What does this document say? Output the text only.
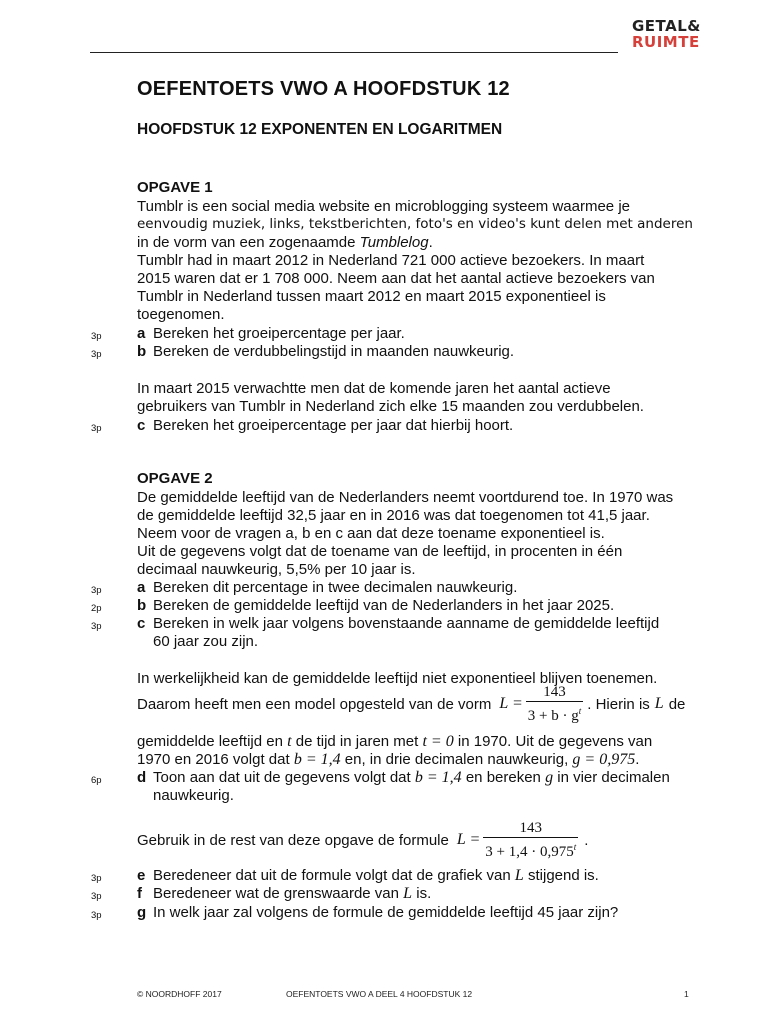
GETAL&
RUIMTE
OEFENTOETS VWO A HOOFDSTUK 12
HOOFDSTUK 12 EXPONENTEN EN LOGARITMEN
OPGAVE 1
Tumblr is een social media website en microblogging systeem waarmee je
eenvoudig muziek, links, tekstberichten, foto's en video's kunt delen met anderen
in de vorm van een zogenaamde Tumblelog.
Tumblr had in maart 2012 in Nederland 721 000 actieve bezoekers. In maart
2015 waren dat er 1 708 000. Neem aan dat het aantal actieve bezoekers van
Tumblr in Nederland tussen maart 2012 en maart 2015 exponentieel is
toegenomen.
3p a Bereken het groeipercentage per jaar.
3p b Bereken de verdubbelingstijd in maanden nauwkeurig.
In maart 2015 verwachtte men dat de komende jaren het aantal actieve
gebruikers van Tumblr in Nederland zich elke 15 maanden zou verdubbelen.
3p c Bereken het groeipercentage per jaar dat hierbij hoort.
OPGAVE 2
De gemiddelde leeftijd van de Nederlanders neemt voortdurend toe. In 1970 was
de gemiddelde leeftijd 32,5 jaar en in 2016 was dat toegenomen tot 41,5 jaar.
Neem voor de vragen a, b en c aan dat deze toename exponentieel is.
Uit de gegevens volgt dat de toename van de leeftijd, in procenten in één
decimaal nauwkeurig, 5,5% per 10 jaar is.
3p a Bereken dit percentage in twee decimalen nauwkeurig.
2p b Bereken de gemiddelde leeftijd van de Nederlanders in het jaar 2025.
3p c Bereken in welk jaar volgens bovenstaande aanname de gemiddelde leeftijd
60 jaar zou zijn.
In werkelijkheid kan de gemiddelde leeftijd niet exponentieel blijven toenemen.
Daarom heeft men een model opgesteld van de vorm $L = \frac{143}{3 + b \cdot g^t}$ . Hierin is L de
gemiddelde leeftijd en t de tijd in jaren met t = 0 in 1970. Uit de gegevens van
1970 en 2016 volgt dat b = 1,4 en, in drie decimalen nauwkeurig, g = 0,975.
6p d Toon aan dat uit de gegevens volgt dat b = 1,4 en bereken g in vier decimalen
nauwkeurig.
Gebruik in de rest van deze opgave de formule $L = \frac{143}{3 + 1,4 \cdot 0,975^t}$ .
3p e Beredeneer dat uit de formule volgt dat de grafiek van L stijgend is.
3p f Beredeneer wat de grenswaarde van L is.
3p g In welk jaar zal volgens de formule de gemiddelde leeftijd 45 jaar zijn?
© NOORDHOFF 2017	OEFENTOETS VWO A DEEL 4 HOOFDSTUK 12	1
